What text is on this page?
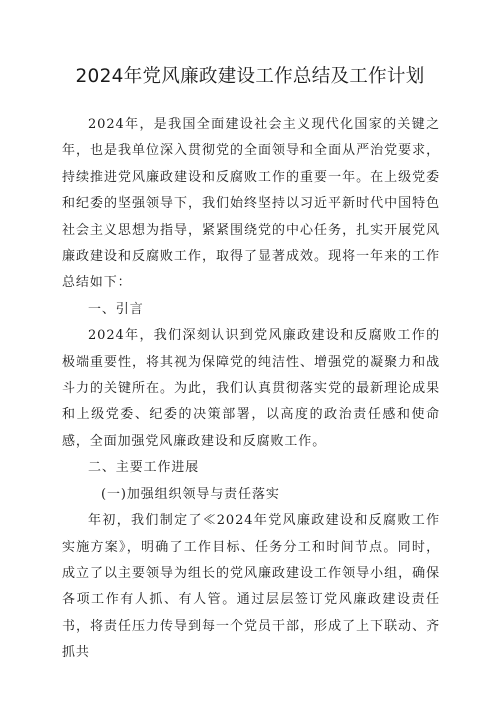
2024年党风廉政建设工作总结及工作计划

2024年，是我国全面建设社会主义现代化国家的关键之年，也是我单位深入贯彻党的全面领导和全面从严治党要求，持续推进党风廉政建设和反腐败工作的重要一年。在上级党委和纪委的坚强领导下，我们始终坚持以习近平新时代中国特色社会主义思想为指导，紧紧围绕党的中心任务，扎实开展党风廉政建设和反腐败工作，取得了显著成效。现将一年来的工作总结如下：

一、引言

2024年，我们深刻认识到党风廉政建设和反腐败工作的极端重要性，将其视为保障党的纯洁性、增强党的凝聚力和战斗力的关键所在。为此，我们认真贯彻落实党的最新理论成果和上级党委、纪委的决策部署，以高度的政治责任感和使命感，全面加强党风廉政建设和反腐败工作。

二、主要工作进展

(一)加强组织领导与责任落实

年初，我们制定了≪2024年党风廉政建设和反腐败工作实施方案》，明确了工作目标、任务分工和时间节点。同时，成立了以主要领导为组长的党风廉政建设工作领导小组，确保各项工作有人抓、有人管。通过层层签订党风廉政建设责任书，将责任压力传导到每一个党员干部，形成了上下联动、齐抓共
